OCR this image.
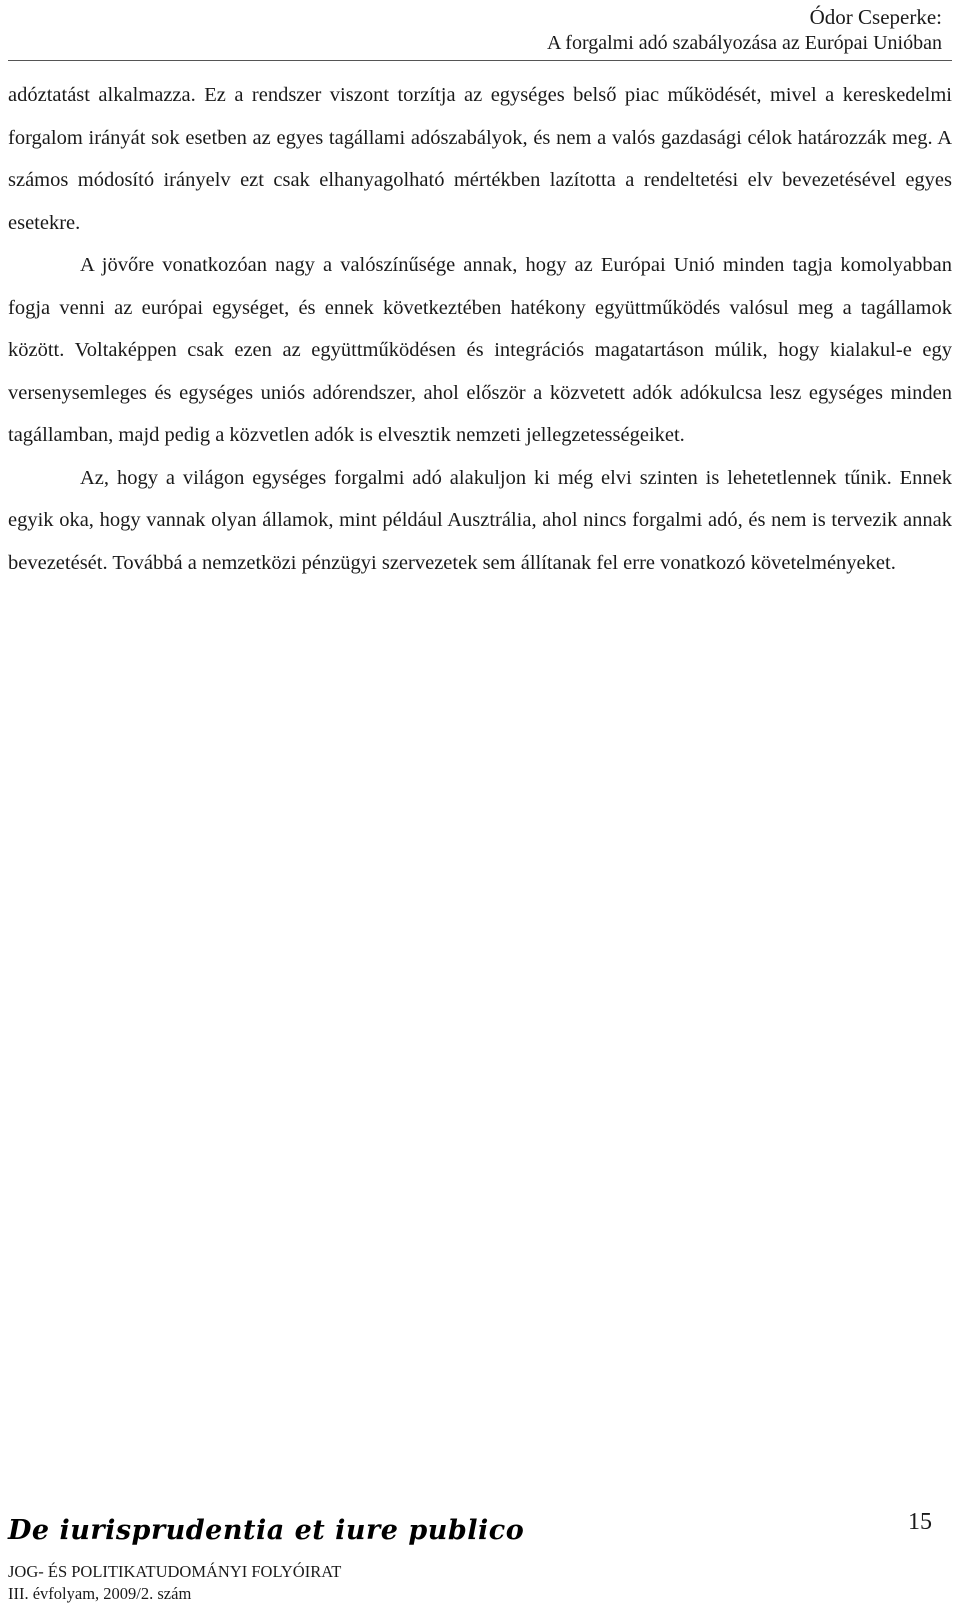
Ódor Cseperke:
A forgalmi adó szabályozása az Európai Unióban

adóztatást alkalmazza. Ez a rendszer viszont torzítja az egységes belső piac működését, mivel a kereskedelmi forgalom irányát sok esetben az egyes tagállami adószabályok, és nem a valós gazdasági célok határozzák meg. A számos módosító irányelv ezt csak elhanyagolható mértékben lazította a rendeltetési elv bevezetésével egyes esetekre.

A jövőre vonatkozóan nagy a valószínűsége annak, hogy az Európai Unió minden tagja komolyabban fogja venni az európai egységet, és ennek következtében hatékony együttműködés valósul meg a tagállamok között. Voltaképpen csak ezen az együttműködésen és integrációs magatartáson múlik, hogy kialakul-e egy versenysemleges és egységes uniós adórendszer, ahol először a közvetett adók adókulcsa lesz egységes minden tagállamban, majd pedig a közvetlen adók is elvesztik nemzeti jellegzetességeiket.

Az, hogy a világon egységes forgalmi adó alakuljon ki még elvi szinten is lehetetlennek tűnik. Ennek egyik oka, hogy vannak olyan államok, mint például Ausztrália, ahol nincs forgalmi adó, és nem is tervezik annak bevezetését. Továbbá a nemzetközi pénzügyi szervezetek sem állítanak fel erre vonatkozó követelményeket.

De iurisprudentia et iure publico	15
JOG- ÉS POLITIKATUDOMÁNYI FOLYÓIRAT
III. évfolyam, 2009/2. szám
